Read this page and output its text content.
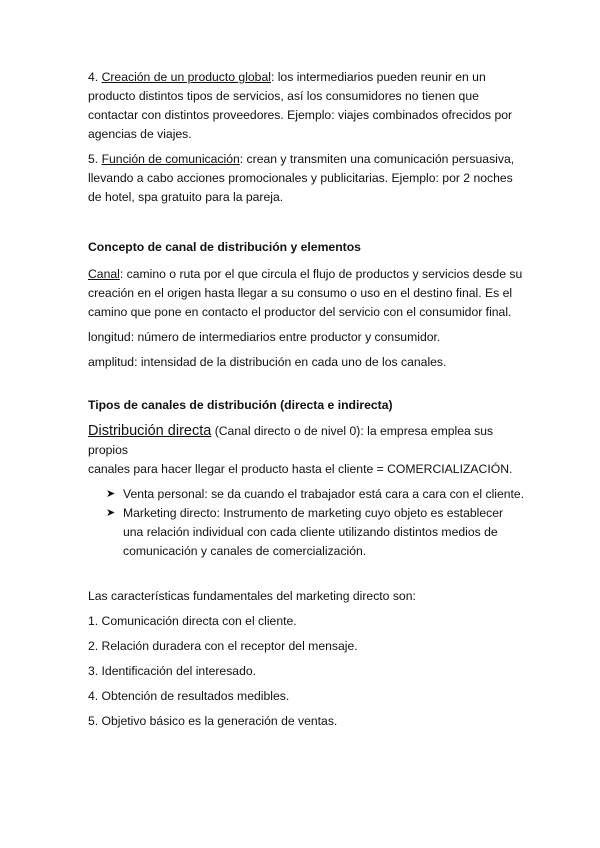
4. Creación de un producto global: los intermediarios pueden reunir en un
producto distintos tipos de servicios, así los consumidores no tienen que
contactar con distintos proveedores. Ejemplo: viajes combinados ofrecidos por
agencias de viajes.

5. Función de comunicación: crean y transmiten una comunicación persuasiva,
llevando a cabo acciones promocionales y publicitarias. Ejemplo: por 2 noches
de hotel, spa gratuito para la pareja.

Concepto de canal de distribución y elementos

Canal: camino o ruta por el que circula el flujo de productos y servicios desde su
creación en el origen hasta llegar a su consumo o uso en el destino final. Es el
camino que pone en contacto el productor del servicio con el consumidor final.

longitud: número de intermediarios entre productor y consumidor.

amplitud: intensidad de la distribución en cada uno de los canales.

Tipos de canales de distribución (directa e indirecta)

Distribución directa (Canal directo o de nivel 0): la empresa emplea sus propios
canales para hacer llegar el producto hasta el cliente = COMERCIALIZACIÓN.

➤ Venta personal: se da cuando el trabajador está cara a cara con el cliente.
➤ Marketing directo: Instrumento de marketing cuyo objeto es establecer
una relación individual con cada cliente utilizando distintos medios de
comunicación y canales de comercialización.

Las características fundamentales del marketing directo son:

1. Comunicación directa con el cliente.

2. Relación duradera con el receptor del mensaje.

3. Identificación del interesado.

4. Obtención de resultados medibles.

5. Objetivo básico es la generación de ventas.
